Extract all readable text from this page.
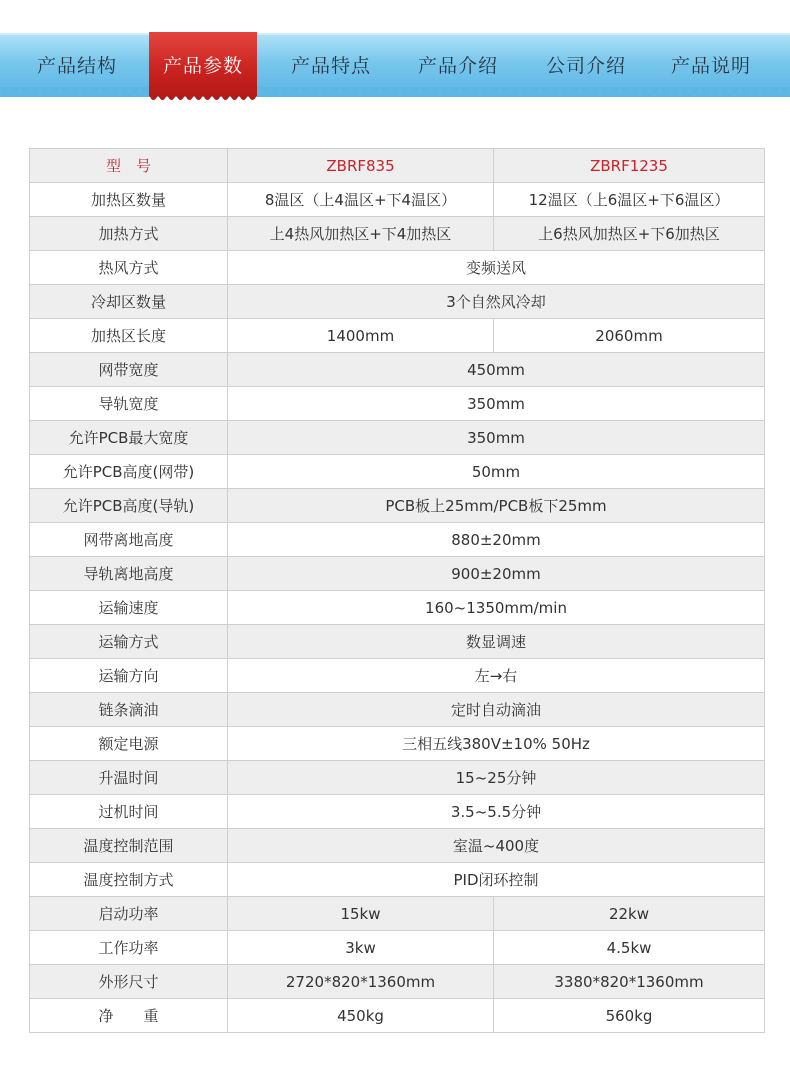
产品结构 产品参数	产品特点 产品介绍	公司介绍 产品说明
型　号	ZBRF835	ZBRF1235
加热区数量	8温区（上4温区+下4温区）	12温区（上6温区+下6温区）
加热方式	上4热风加热区+下4加热区	上6热风加热区+下6加热区
热风方式	变频送风	
冷却区数量	3个自然风冷却	
加热区长度	1400mm	2060mm
网带宽度	450mm	
导轨宽度	350mm	
允许PCB最大宽度	350mm	
允许PCB高度(网带)	50mm	
允许PCB高度(导轨)	PCB板上25mm/PCB板下25mm	
网带离地高度	880±20mm	
导轨离地高度	900±20mm	
运输速度	160~1350mm/min	
运输方式	数显调速	
运输方向	左→右	
链条滴油	定时自动滴油	
额定电源	三相五线380V±10% 50Hz	
升温时间	15~25分钟	
过机时间	3.5~5.5分钟	
温度控制范围	室温~400度	
温度控制方式	PID闭环控制	
启动功率	15kw	22kw
工作功率	3kw	4.5kw
外形尺寸	2720*820*1360mm	3380*820*1360mm
净　　重	450kg	560kg
